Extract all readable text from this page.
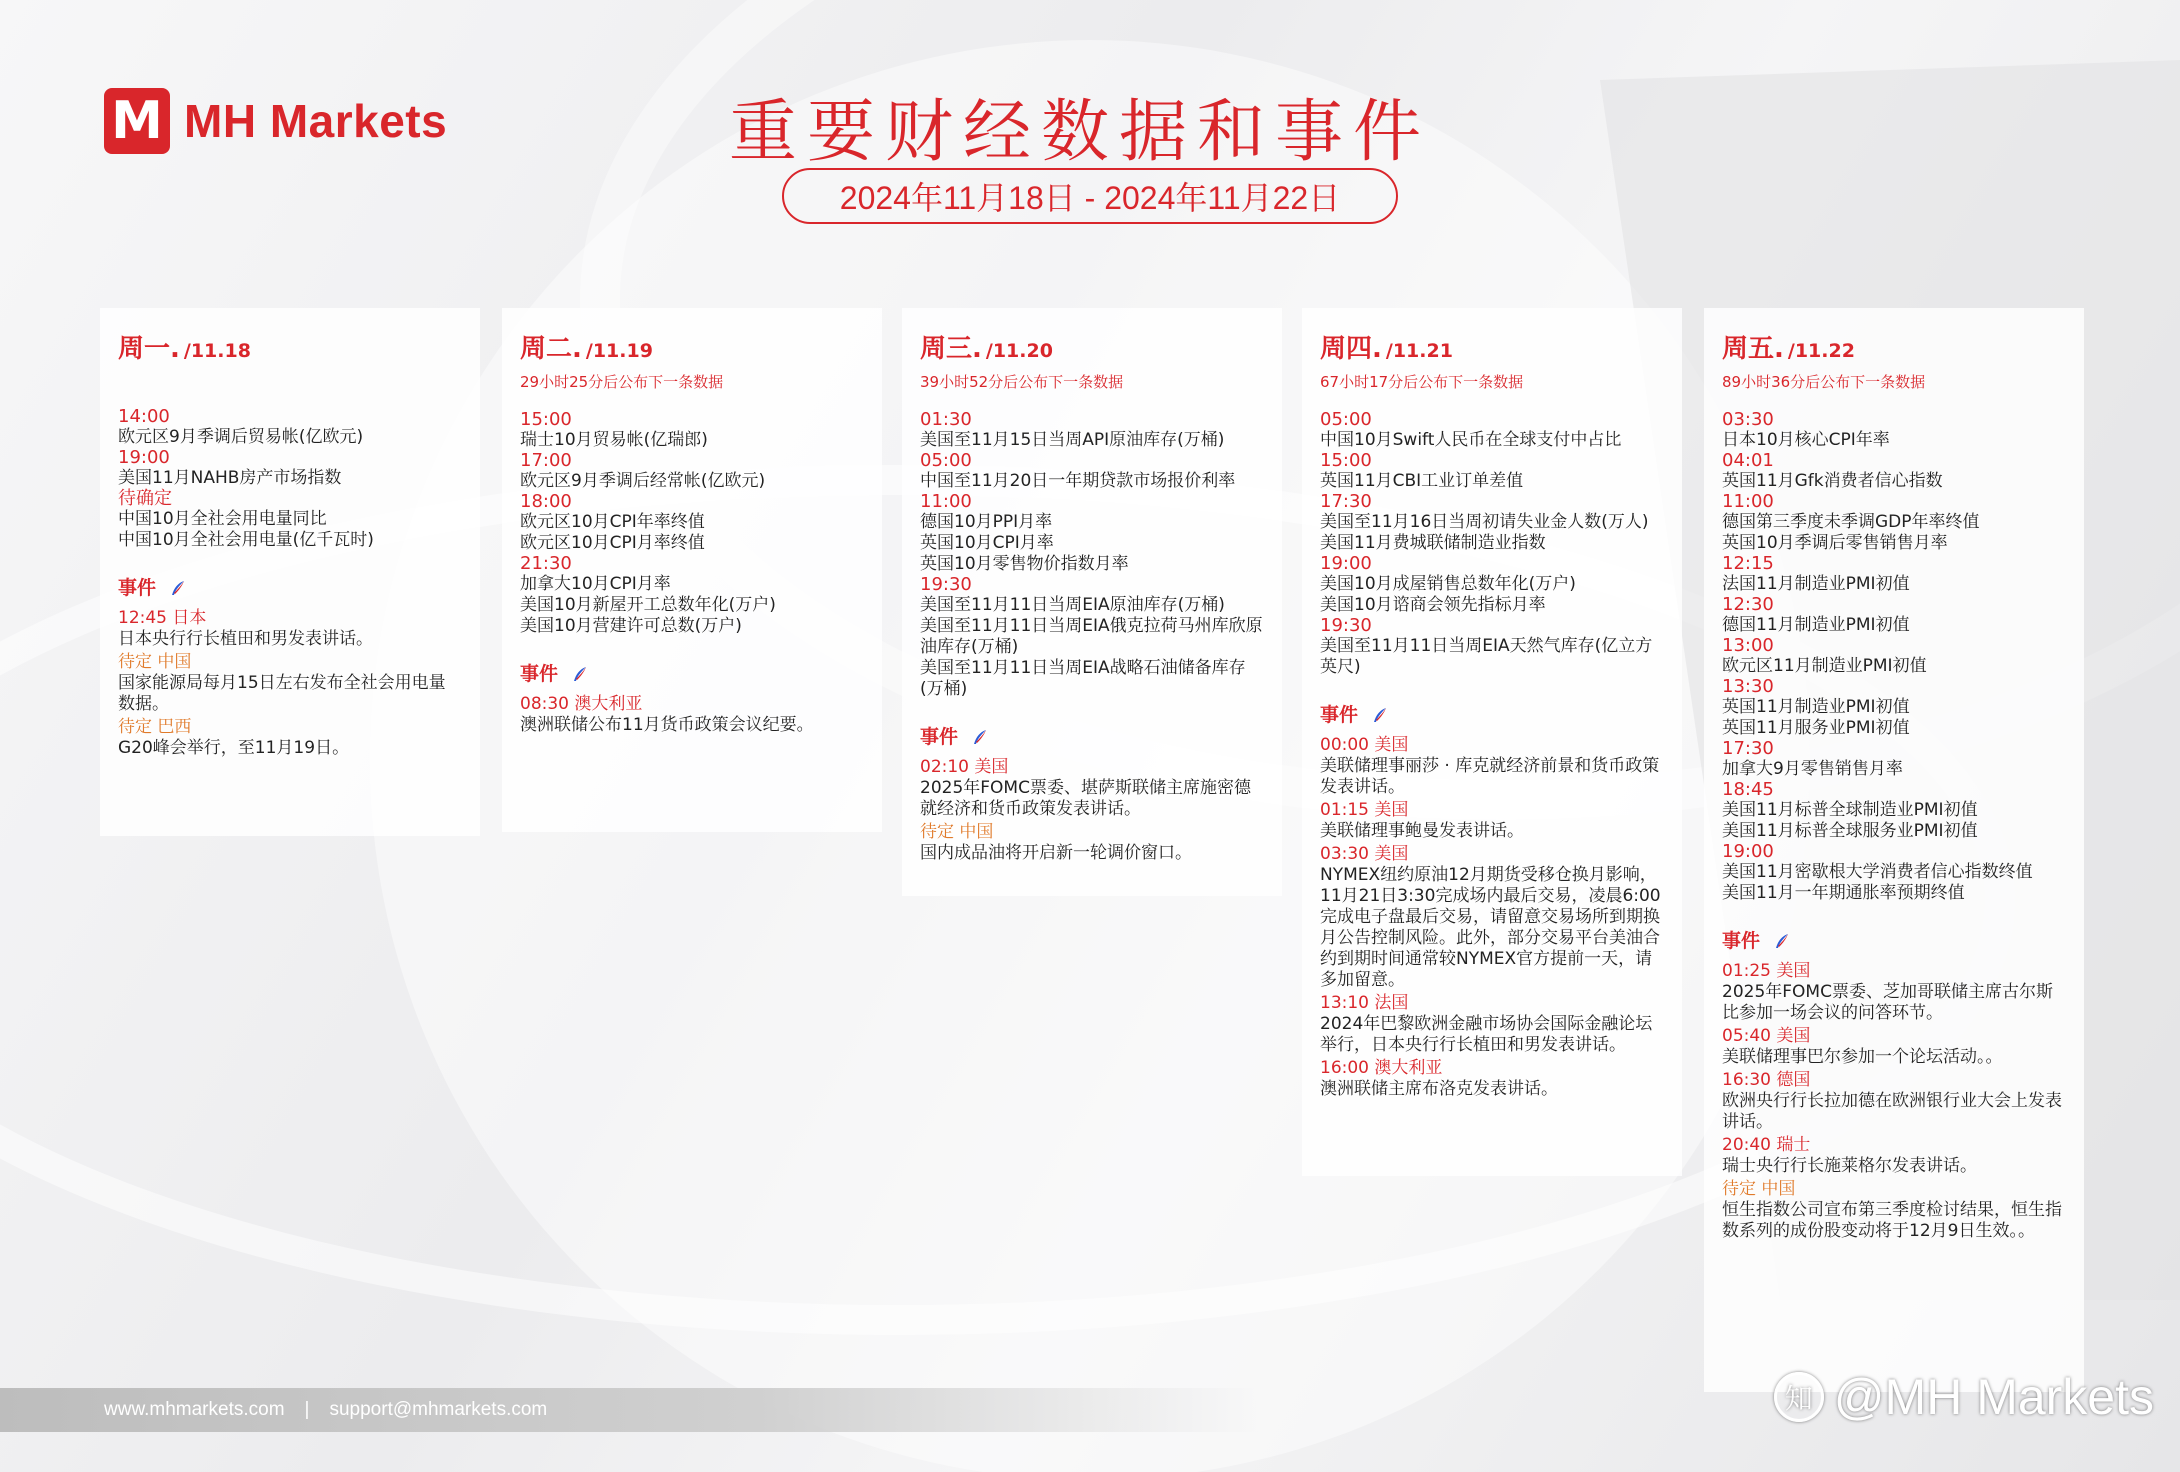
M MH Markets	重要财经数据和事件
2024年11月18日 - 2024年11月22日
周一. /11.18
14:00
欧元区9月季调后贸易帐(亿欧元)
19:00
美国11月NAHB房产市场指数
待确定
中国10月全社会用电量同比
中国10月全社会用电量(亿千瓦时)
事件
12:45 日本
日本央行行长植田和男发表讲话。
待定 中国
国家能源局每月15日左右发布全社会用电量数据。
待定 巴西
G20峰会举行，至11月19日。
周二. /11.19
29小时25分后公布下一条数据
15:00
瑞士10月贸易帐(亿瑞郎)
17:00
欧元区9月季调后经常帐(亿欧元)
18:00
欧元区10月CPI年率终值
欧元区10月CPI月率终值
21:30
加拿大10月CPI月率
美国10月新屋开工总数年化(万户)
美国10月营建许可总数(万户)
事件
08:30 澳大利亚
澳洲联储公布11月货币政策会议纪要。
周三. /11.20
39小时52分后公布下一条数据
01:30
美国至11月15日当周API原油库存(万桶)
05:00
中国至11月20日一年期贷款市场报价利率
11:00
德国10月PPI月率
英国10月CPI月率
英国10月零售物价指数月率
19:30
美国至11月11日当周EIA原油库存(万桶)
美国至11月11日当周EIA俄克拉荷马州库欣原油库存(万桶)
美国至11月11日当周EIA战略石油储备库存(万桶)
事件
02:10 美国
2025年FOMC票委、堪萨斯联储主席施密德就经济和货币政策发表讲话。
待定 中国
国内成品油将开启新一轮调价窗口。
周四. /11.21
67小时17分后公布下一条数据
05:00
中国10月Swift人民币在全球支付中占比
15:00
英国11月CBI工业订单差值
17:30
美国至11月16日当周初请失业金人数(万人)
美国11月费城联储制造业指数
19:00
美国10月成屋销售总数年化(万户)
美国10月谘商会领先指标月率
19:30
美国至11月11日当周EIA天然气库存(亿立方英尺)
事件
00:00 美国
美联储理事丽莎 · 库克就经济前景和货币政策发表讲话。
01:15 美国
美联储理事鲍曼发表讲话。
03:30 美国
NYMEX纽约原油12月期货受移仓换月影响，11月21日3:30完成场内最后交易，凌晨6:00完成电子盘最后交易，请留意交易场所到期换月公告控制风险。此外，部分交易平台美油合约到期时间通常较NYMEX官方提前一天，请多加留意。
13:10 法国
2024年巴黎欧洲金融市场协会国际金融论坛举行，日本央行行长植田和男发表讲话。
16:00 澳大利亚
澳洲联储主席布洛克发表讲话。
周五. /11.22
89小时36分后公布下一条数据
03:30
日本10月核心CPI年率
04:01
英国11月Gfk消费者信心指数
11:00
德国第三季度未季调GDP年率终值
英国10月季调后零售销售月率
12:15
法国11月制造业PMI初值
12:30
德国11月制造业PMI初值
13:00
欧元区11月制造业PMI初值
13:30
英国11月制造业PMI初值
英国11月服务业PMI初值
17:30
加拿大9月零售销售月率
18:45
美国11月标普全球制造业PMI初值
美国11月标普全球服务业PMI初值
19:00
美国11月密歇根大学消费者信心指数终值
美国11月一年期通胀率预期终值
事件
01:25 美国
2025年FOMC票委、芝加哥联储主席古尔斯比参加一场会议的问答环节。
05:40 美国
美联储理事巴尔参加一个论坛活动。。
16:30 德国
欧洲央行行长拉加德在欧洲银行业大会上发表讲话。
20:40 瑞士
瑞士央行行长施莱格尔发表讲话。
待定 中国
恒生指数公司宣布第三季度检讨结果，恒生指数系列的成份股变动将于12月9日生效。。
www.mhmarkets.com | support@mhmarkets.com	知 @MH Markets
